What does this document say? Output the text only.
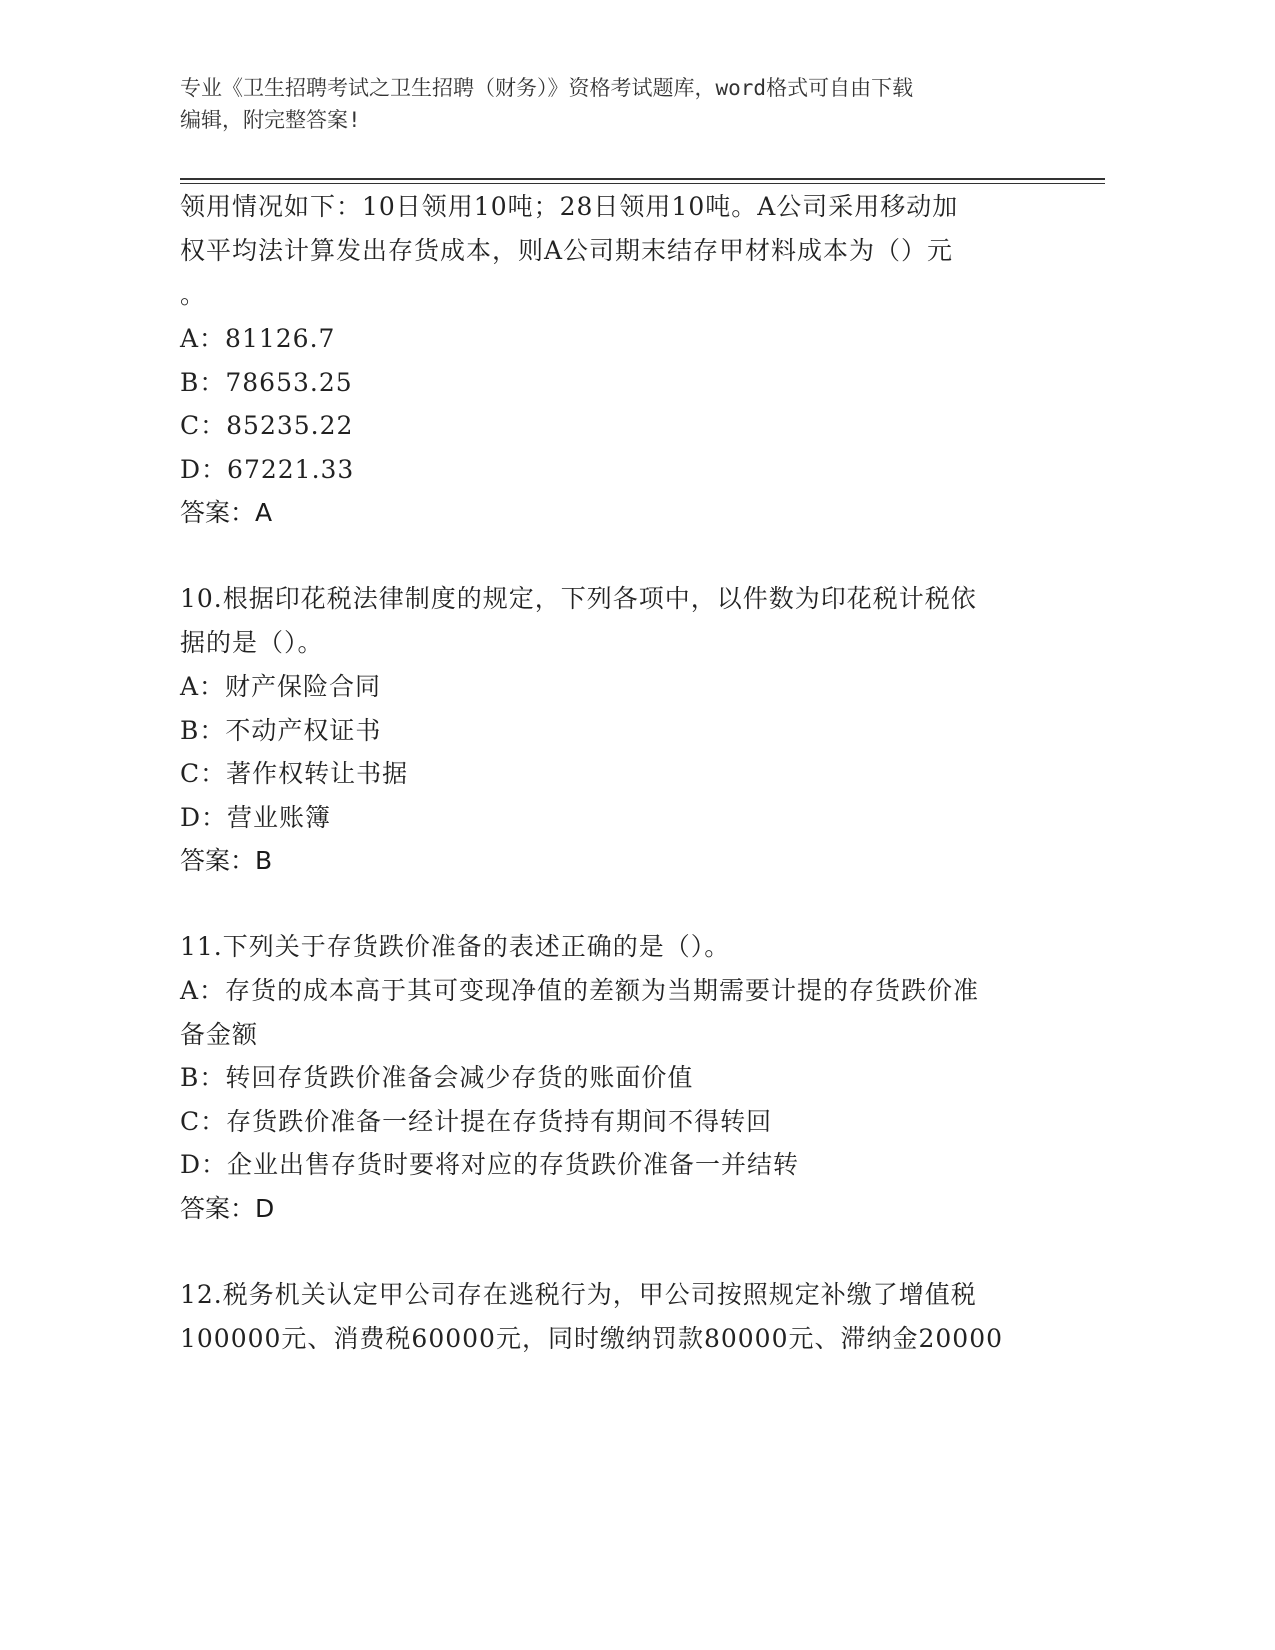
专业《卫生招聘考试之卫生招聘（财务）》资格考试题库，word格式可自由下载
编辑，附完整答案!

领用情况如下：10日领用10吨；28日领用10吨。A公司采用移动加

权平均法计算发出存货成本，则A公司期末结存甲材料成本为（）元

。

A：81126.7

B：78653.25

C：85235.22

D：67221.33

答案：A

10.根据印花税法律制度的规定，下列各项中，以件数为印花税计税依

据的是（）。

A：财产保险合同

B：不动产权证书

C：著作权转让书据

D：营业账簿

答案：B

11.下列关于存货跌价准备的表述正确的是（）。

A：存货的成本高于其可变现净值的差额为当期需要计提的存货跌价准

备金额

B：转回存货跌价准备会减少存货的账面价值

C：存货跌价准备一经计提在存货持有期间不得转回

D：企业出售存货时要将对应的存货跌价准备一并结转

答案：D

12.税务机关认定甲公司存在逃税行为，甲公司按照规定补缴了增值税

100000元、消费税60000元，同时缴纳罚款80000元、滞纳金20000
